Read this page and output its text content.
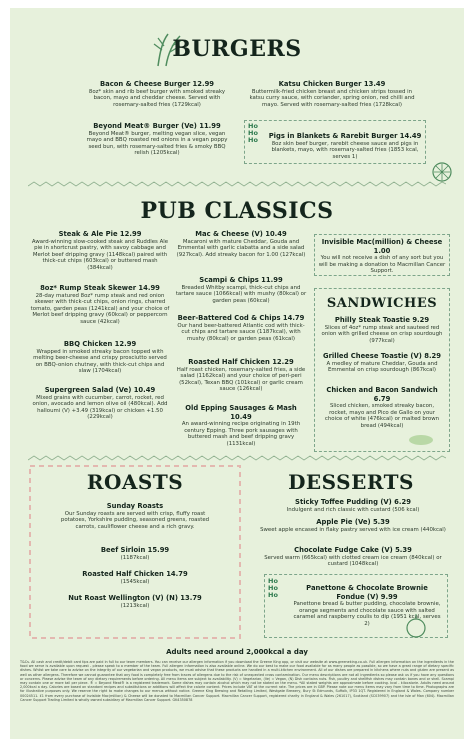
BURGERS
Bacon & Cheese Burger 12.99
8oz* skin and rib beef burger with smoked streaky bacon, mayo and cheddar cheese. Served with rosemary-salted fries (1729kcal)
Beyond Meat® Burger (Ve) 11.99
Beyond Meat® burger, melting vegan slice, vegan mayo and BBQ roasted red onions in a vegan poppy seed bun, with rosemary-salted fries & smoky BBQ relish (1205kcal)
Katsu Chicken Burger 13.49
Buttermilk-fried chicken breast and chicken strips tossed in katsu curry sauce, with coriander, spring onion, red chilli and mayo. Served with rosemary-salted fries (1728kcal)
Ho Ho Ho	Pigs in Blankets & Rarebit Burger 14.49
8oz skin beef burger, rarebit cheese sauce and pigs in blankets, mayo, with rosemary-salted fries (1853 kcal, serves 1)
PUB CLASSICS
Steak & Ale Pie 12.99
Award-winning slow-cooked steak and Ruddles Ale pie in shortcrust pastry, with savoy cabbage and Merlot beef dripping gravy (1148kcal) paired with thick-cut chips (603kcal) or buttered mash (384kcal)
8oz* Rump Steak Skewer 14.99
28-day matured 8oz* rump steak and red onion skewer with thick-cut chips, onion rings, charred tomato, garden peas (1241kcal) and your choice of Merlot beef dripping gravy (60kcal) or peppercorn sauce (42kcal)
BBQ Chicken 12.99
Wrapped in smoked streaky bacon topped with melting beer-cheese and crispy prosciutto served on BBQ-onion chutney, with thick-cut chips and slaw (1704kcal)
Supergreen Salad (Ve) 10.49
Mixed grains with cucumber, carrot, rocket, red onion, avocado and lemon olive oil (480kcal). Add halloumi (V) +3.49 (319kcal) or chicken +1.50 (229kcal)
Mac & Cheese (V) 10.49
Macaroni with mature Cheddar, Gouda and Emmental with garlic ciabatta and a side salad (927kcal). Add streaky bacon for 1.00 (127kcal)
Scampi & Chips 11.99
Breaded Whitby scampi, thick-cut chips and tartare sauce (1066kcal) with mushy (80kcal) or garden peas (60kcal)
Beer-Battered Cod & Chips 14.79
Our hand beer-battered Atlantic cod with thick-cut chips and tartare sauce (1187kcal), with mushy (80kcal) or garden peas (61kcal)
Roasted Half Chicken 12.29
Half roast chicken, rosemary-salted fries, a side salad (1162kcal) and your choice of peri-peri (52kcal), Texan BBQ (101kcal) or garlic cream sauce (126kcal)
Old Epping Sausages & Mash 10.49
An award-winning recipe originating in 19th century Epping. Three pork sausages with buttered mash and beef dripping gravy (1131kcal)
Invisible Mac(million) & Cheese 1.00
You will not receive a dish of any sort but you will be making a donation to Macmillan Cancer Support.
SANDWICHES
Philly Steak Toastie 9.29
Slices of 4oz* rump steak and sauteed red onion with grilled cheese on crisp sourdough (977kcal)
Grilled Cheese Toastie (V) 8.29
A medley of mature Cheddar, Gouda and Emmental on crisp sourdough (867kcal)
Chicken and Bacon Sandwich 6.79
Sliced chicken, smoked streaky bacon, rocket, mayo and Pico de Gallo on your choice of white (476kcal) or malted brown bread (494kcal)
ROASTS
Sunday Roasts
Our Sunday roasts are served with crisp, fluffy roast potatoes, Yorkshire pudding, seasoned greens, roasted carrots, cauliflower cheese and a rich gravy.
Beef Sirloin 15.99
(1187kcal)
Roasted Half Chicken 14.79
(1545kcal)
Nut Roast Wellington (V) (N) 13.79
(1213kcal)
DESSERTS
Sticky Toffee Pudding (V) 6.29
Indulgent and rich classic with custard (506 kcal)
Apple Pie (Ve) 5.39
Sweet apple encased in flaky pastry served with ice cream (440kcal)
Chocolate Fudge Cake (V) 5.39
Served warm (665kcal) with clotted cream ice cream (840kcal) or custard (1048kcal)
Ho Ho Ho
Panettone & Chocolate Brownie Fondue (V) 9.99
Panettone bread & butter pudding, chocolate brownie, orange segments and chocolate sauce with salted caramel and raspberry coulis to dip (1951 kcal, serves 2)
Adults need around 2,000kcal a day
T&Cs. All cash and credit/debit card tips are paid in full to our team members. You can receive our allergen information if you download the Greene King app, or visit our website at www.greeneking.co.uk. Full allergen information on the ingredients in the food we serve is available upon request - please speak to a member of the team. Full allergen information is also available online. We do our best to make our food available for as many people as possible, so we have a great range of dietary specific dishes. Whilst we take care to advise on the integrity of our vegetarian and vegan products, we must advise that these products are handled in a multi-kitchen environment. All of our dishes are prepared in kitchens where nuts and gluten are present as well as other allergens. Therefore we cannot guarantee that any food is completely free from traces of allergens due to the risk of unexpected cross contamination. Our menu descriptions are not all ingredients so please ask us if you have any questions or concerns. Please advise the team of any dietary requirements before ordering. All menu items are subject to availability. (V) = Vegetarian, (Ve) = Vegan, (N) Dish contains nuts. Fish, poultry and shellfish dishes may contain bones and or shell. Scampi may contain one or more tail per piece. ® = Beyond Meat® is a registered trademark. Some dishes may contain alcohol which may not be stated on the menu. *All stated weights are approximate before cooking. kcal - kilocalorie. Adults need around 2,000kcal a day. Calories are based on standard recipes and substitutions or additions will affect the calorie content. Prices include VAT at the current rate. The prices are in GBP. Please note our menu items may vary from time to time. Photographs are for illustrative purposes only. We reserve the right to make changes to our menus without notice. Greene King Brewing and Retailing Limited, Westgate Brewery, Bury St Edmunds, Suffolk, IP33 1QT. Registered in England & Wales. Company number 00024511. £1 from every purchase of Invisible Mac(million) & Cheese will be donated to Macmillan Cancer Support. Macmillan Cancer Support, registered charity in England & Wales (261017), Scotland (SC039907) and the Isle of Man (604). Macmillan Cancer Support Trading Limited is wholly owned subsidiary of Macmillan Cancer Support. GK4350878
